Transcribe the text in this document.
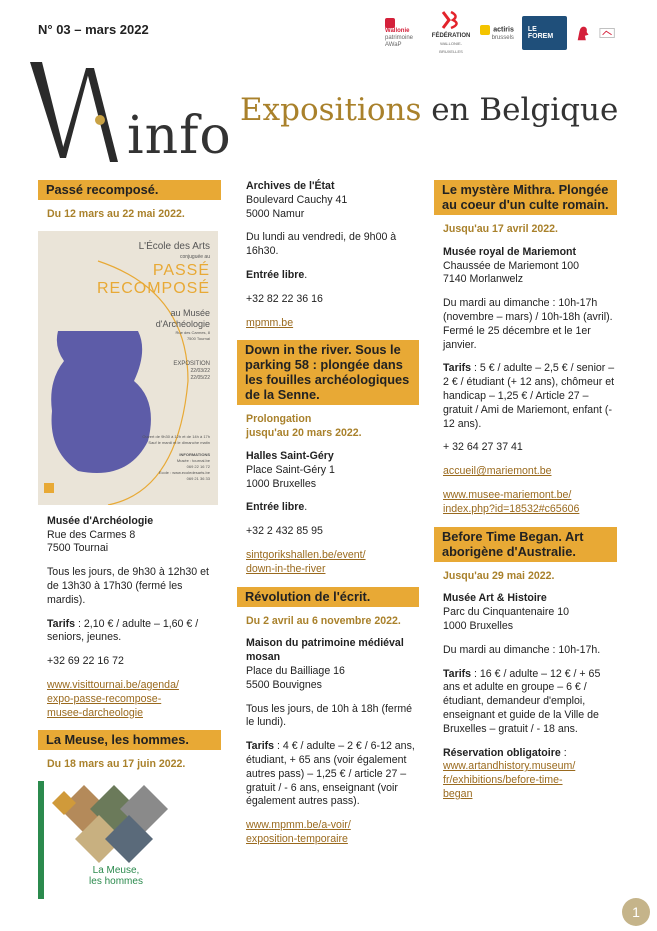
N° 03 – mars 2022	Wallonie
patrimoine
AWaP

FÉDÉRATION
WALLONIE-BRUXELLES
actiris
brussels
LE FOREM
info Expositions en Belgique
Passé recomposé.
Du 12 mars au 22 mai 2022.
L'École des Arts
conjuguée au
PASSÉ
RECOMPOSÉ
au Musée
d'Archéologie
Rue des Carmes, 8
7500 Tournai
EXPOSITION
22/03/22
22/05/22
Ouvert de 9h30 à 12h et de 14h à 17h
Sauf le mardi et le dimanche matin
INFORMATIONS
Musée : tournai.be
069 22 16 72
Ecole : www.ecoledesarts.be
069 21 36 33

Musée d'Archéologie
Rue des Carmes 8
7500 Tournai

Tous les jours, de 9h30 à 12h30 et de 13h30 à 17h30 (fermé les mardis).

Tarifs : 2,10 € / adulte – 1,60 € / seniors, jeunes.

+32 69 22 16 72

www.visittournai.be/agenda/
expo-passe-recompose-
musee-darcheologie

La Meuse, les hommes.
Du 18 mars au 17 juin 2022.
La Meuse,
les hommes

Archives de l'État
Boulevard Cauchy 41
5000 Namur

Du lundi au vendredi, de 9h00 à 16h30.

Entrée libre.

+32 82 22 36 16

mpmm.be

Down in the river. Sous le parking 58 : plongée dans les fouilles archéologiques de la Senne.
Prolongation
jusqu'au 20 mars 2022.

Halles Saint-Géry
Place Saint-Géry 1
1000 Bruxelles

Entrée libre.

+32 2 432 85 95

sintgorikshallen.be/event/
down-in-the-river

Révolution de l'écrit.
Du 2 avril au 6 novembre 2022.

Maison du patrimoine médiéval mosan
Place du Bailliage 16
5500 Bouvignes

Tous les jours, de 10h à 18h (fermé le lundi).

Tarifs : 4 € / adulte – 2 € / 6-12 ans, étudiant, + 65 ans (voir également autres pass) – 1,25 € / article 27 – gratuit / - 6 ans, enseignant (voir également autres pass).

www.mpmm.be/a-voir/
exposition-temporaire

Le mystère Mithra. Plongée au coeur d'un culte romain.
Jusqu'au 17 avril 2022.

Musée royal de Mariemont
Chaussée de Mariemont 100
7140 Morlanwelz

Du mardi au dimanche : 10h-17h (novembre – mars) / 10h-18h (avril). Fermé le 25 décembre et le 1er janvier.

Tarifs : 5 € / adulte – 2,5 € / senior – 2 € / étudiant (+ 12 ans), chômeur et handicap – 1,25 € / Article 27 – gratuit / Ami de Mariemont, enfant (- 12 ans).

+ 32 64 27 37 41

accueil@mariemont.be

www.musee-mariemont.be/
index.php?id=18532#c65606

Before Time Began. Art aborigène d'Australie.
Jusqu'au 29 mai 2022.

Musée Art & Histoire
Parc du Cinquantenaire 10
1000 Bruxelles

Du mardi au dimanche : 10h-17h.

Tarifs : 16 € / adulte – 12 € / + 65 ans et adulte en groupe – 6 € / étudiant, demandeur d'emploi, enseignant et guide de la Ville de Bruxelles – gratuit / - 18 ans.

Réservation obligatoire :

www.artandhistory.museum/
fr/exhibitions/before-time-
began

1
